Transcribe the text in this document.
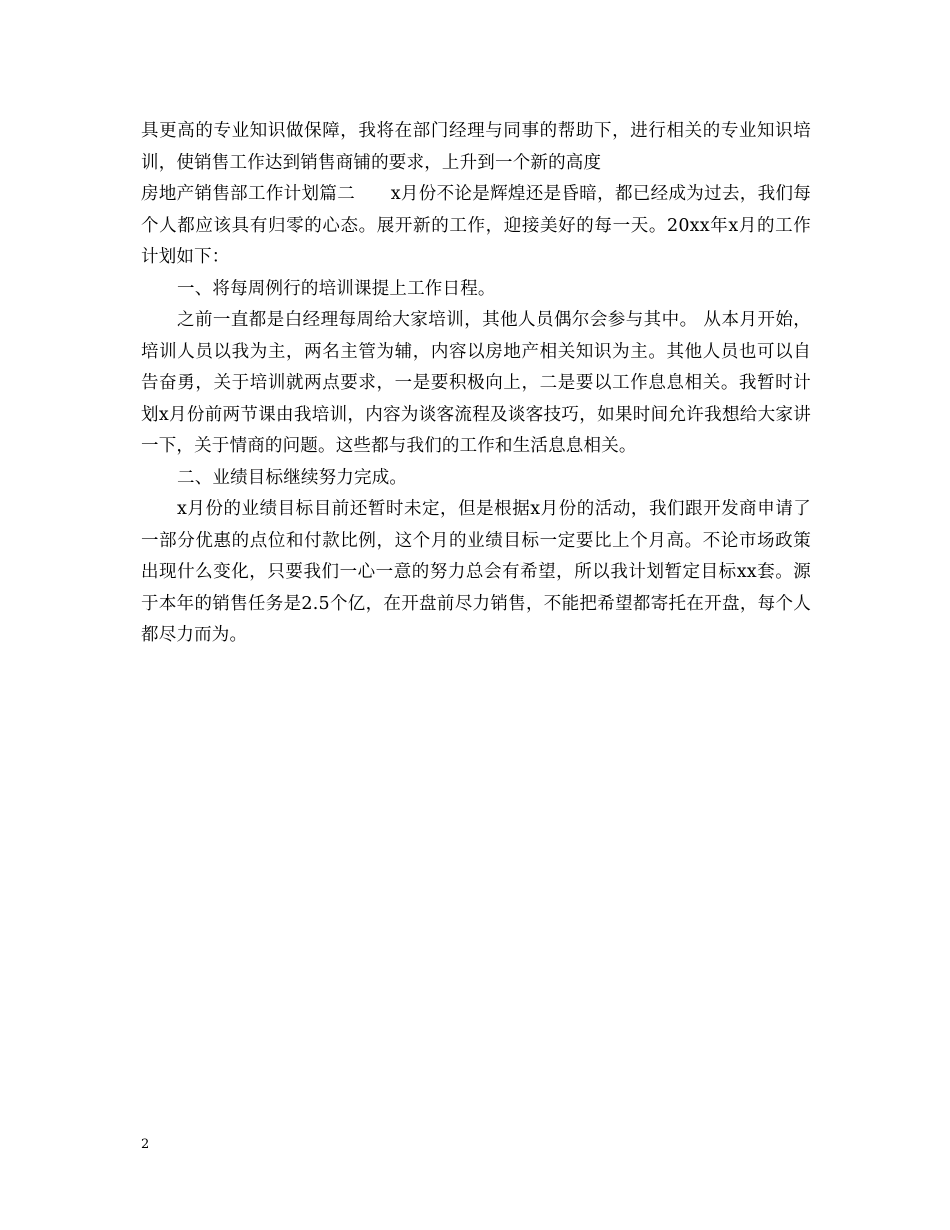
具更高的专业知识做保障，我将在部门经理与同事的帮助下，进行相关的专业知识培训，使销售工作达到销售商铺的要求，上升到一个新的高度

房地产销售部工作计划篇二　　x月份不论是辉煌还是昏暗，都已经成为过去，我们每个人都应该具有归零的心态。展开新的工作，迎接美好的每一天。20xx年x月的工作计划如下：

一、将每周例行的培训课提上工作日程。

之前一直都是白经理每周给大家培训，其他人员偶尔会参与其中。 从本月开始，培训人员以我为主，两名主管为辅，内容以房地产相关知识为主。其他人员也可以自告奋勇，关于培训就两点要求，一是要积极向上，二是要以工作息息相关。我暂时计划x月份前两节课由我培训，内容为谈客流程及谈客技巧，如果时间允许我想给大家讲一下，关于情商的问题。这些都与我们的工作和生活息息相关。

二、业绩目标继续努力完成。

x月份的业绩目标目前还暂时未定，但是根据x月份的活动，我们跟开发商申请了一部分优惠的点位和付款比例，这个月的业绩目标一定要比上个月高。不论市场政策出现什么变化，只要我们一心一意的努力总会有希望，所以我计划暂定目标xx套。源于本年的销售任务是2.5个亿，在开盘前尽力销售，不能把希望都寄托在开盘，每个人都尽力而为。

2
